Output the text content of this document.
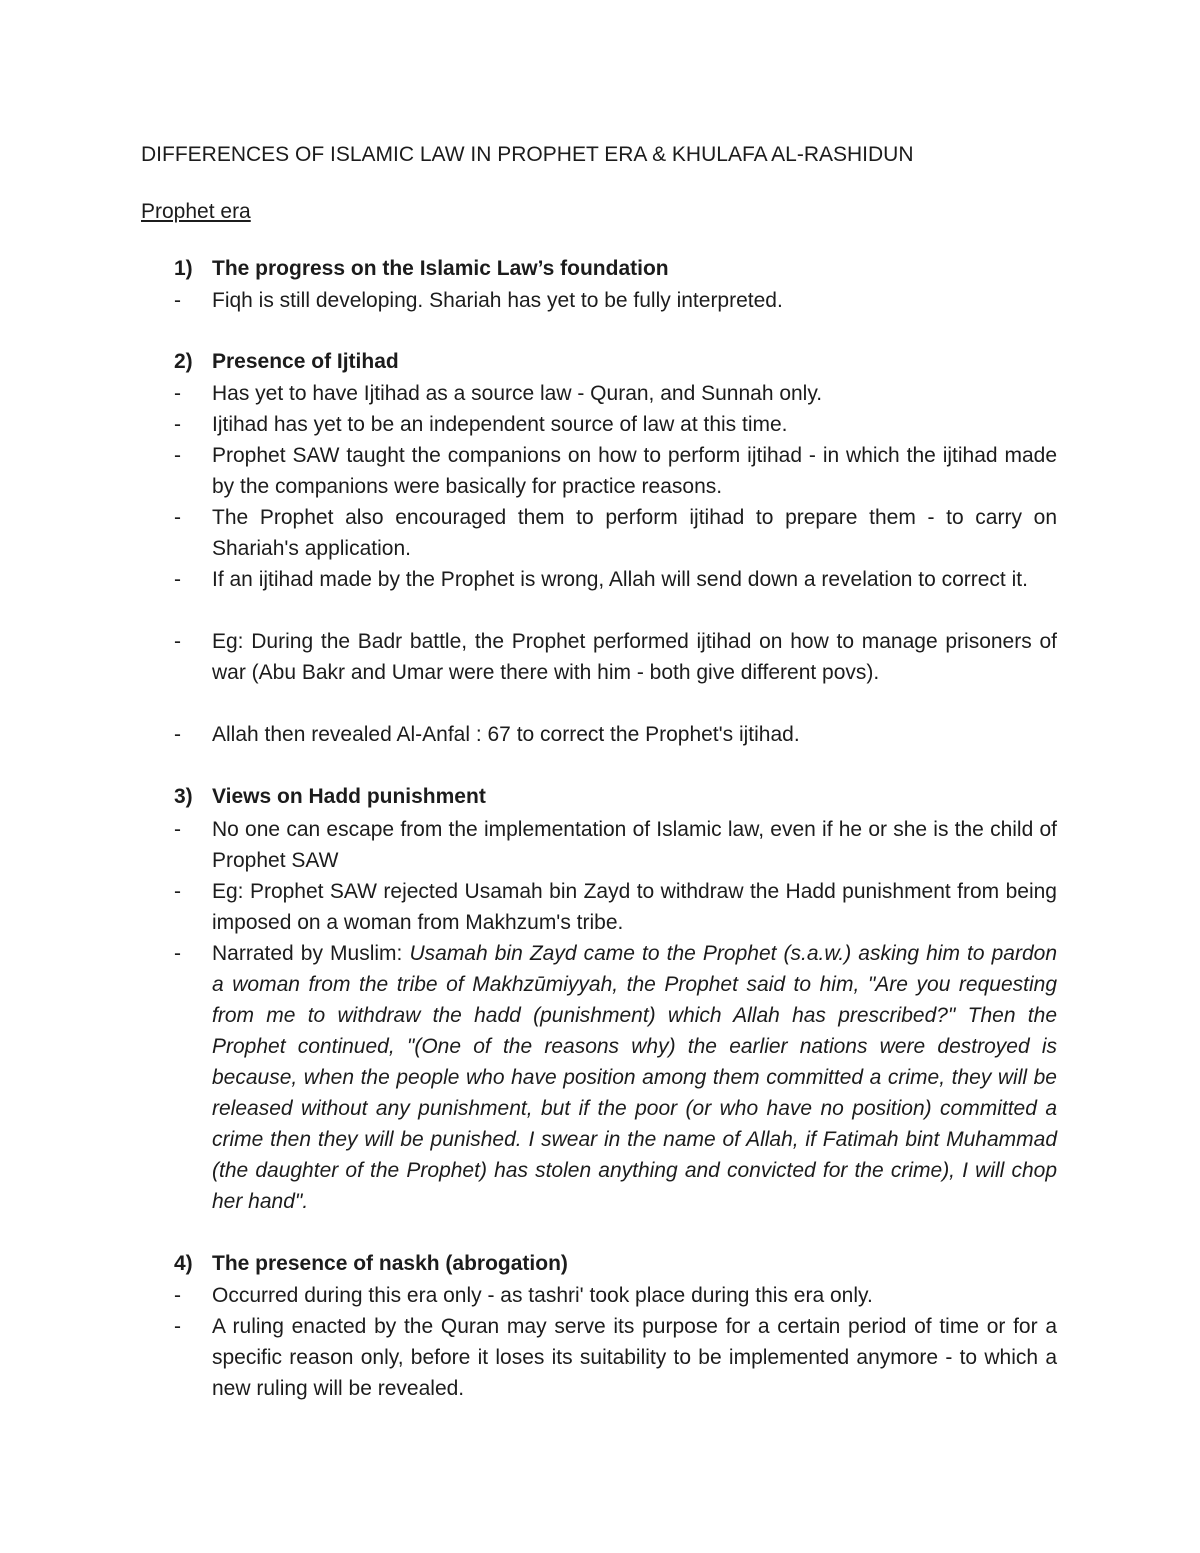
DIFFERENCES OF ISLAMIC LAW IN PROPHET ERA & KHULAFA AL-RASHIDUN
Prophet era
1) The progress on the Islamic Law’s foundation
- Fiqh is still developing. Shariah has yet to be fully interpreted.
2) Presence of Ijtihad
- Has yet to have Ijtihad as a source law - Quran, and Sunnah only.
- Ijtihad has yet to be an independent source of law at this time.
- Prophet SAW taught the companions on how to perform ijtihad - in which the ijtihad made by the companions were basically for practice reasons.
- The Prophet also encouraged them to perform ijtihad to prepare them - to carry on Shariah's application.
- If an ijtihad made by the Prophet is wrong, Allah will send down a revelation to correct it.
- Eg: During the Badr battle, the Prophet performed ijtihad on how to manage prisoners of war (Abu Bakr and Umar were there with him - both give different povs).
- Allah then revealed Al-Anfal : 67 to correct the Prophet's ijtihad.
3) Views on Hadd punishment
- No one can escape from the implementation of Islamic law, even if he or she is the child of Prophet SAW
- Eg: Prophet SAW rejected Usamah bin Zayd to withdraw the Hadd punishment from being imposed on a woman from Makhzum's tribe.
- Narrated by Muslim: Usamah bin Zayd came to the Prophet (s.a.w.) asking him to pardon a woman from the tribe of Makhzūmiyyah, the Prophet said to him, "Are you requesting from me to withdraw the hadd (punishment) which Allah has prescribed?" Then the Prophet continued, "(One of the reasons why) the earlier nations were destroyed is because, when the people who have position among them committed a crime, they will be released without any punishment, but if the poor (or who have no position) committed a crime then they will be punished. I swear in the name of Allah, if Fatimah bint Muhammad (the daughter of the Prophet) has stolen anything and convicted for the crime), I will chop her hand".
4) The presence of naskh (abrogation)
- Occurred during this era only - as tashri' took place during this era only.
- A ruling enacted by the Quran may serve its purpose for a certain period of time or for a specific reason only, before it loses its suitability to be implemented anymore - to which a new ruling will be revealed.
